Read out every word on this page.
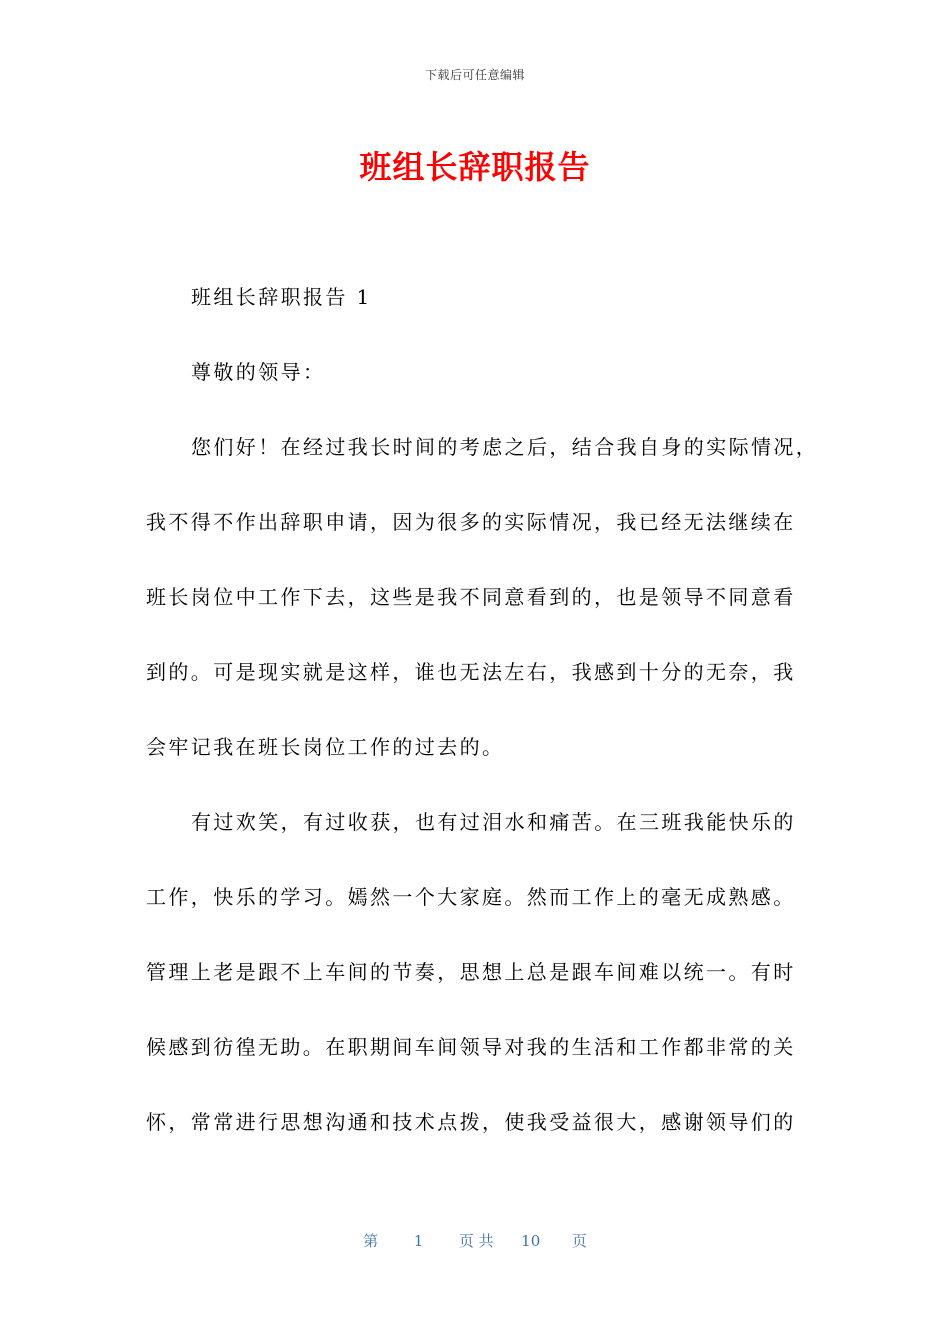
下载后可任意编辑
班组长辞职报告
班组长辞职报告 1
尊敬的领导：
您们好！在经过我长时间的考虑之后，结合我自身的实际情况，
我不得不作出辞职申请，因为很多的实际情况，我已经无法继续在
班长岗位中工作下去，这些是我不同意看到的，也是领导不同意看
到的。可是现实就是这样，谁也无法左右，我感到十分的无奈，我
会牢记我在班长岗位工作的过去的。
有过欢笑，有过收获，也有过泪水和痛苦。在三班我能快乐的
工作，快乐的学习。嫣然一个大家庭。然而工作上的毫无成熟感。
管理上老是跟不上车间的节奏，思想上总是跟车间难以统一。有时
候感到彷徨无助。在职期间车间领导对我的生活和工作都非常的关
怀，常常进行思想沟通和技术点拨，使我受益很大，感谢领导们的
第 1 页 共 10 页
